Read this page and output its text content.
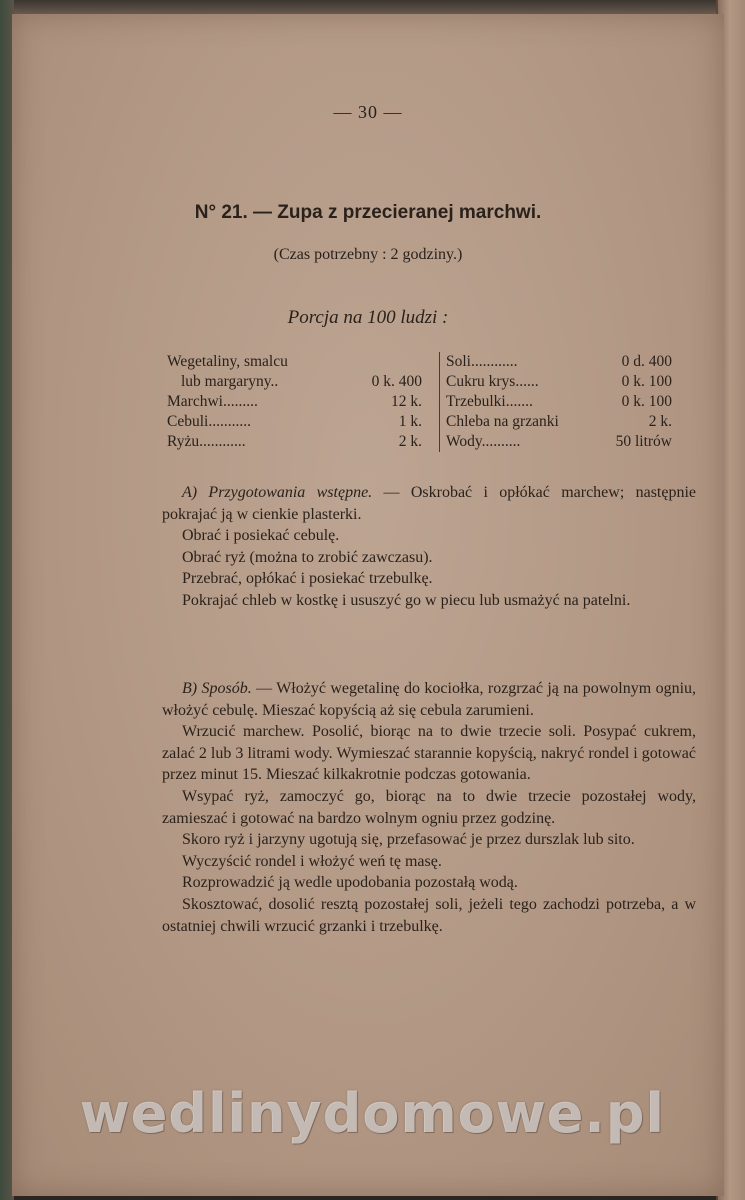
— 30 —
N° 21. — Zupa z przecieranej marchwi.
(Czas potrzebny : 2 godziny.)
Porcja na 100 ludzi :
Wegetaliny, smalcu
lub margaryny..	0 k. 400
Marchwi.........	12 k.
Cebuli...........	1 k.
Ryżu............	2 k.
Soli............	0 d. 400
Cukru krys......	0 k. 100
Trzebulki.......	0 k. 100
Chleba na grzanki	2 k.
Wody..........	50 litrów

A) Przygotowania wstępne. — Oskrobać i opłókać marchew; następnie pokrajać ją w cienkie plasterki.

Obrać i posiekać cebulę.

Obrać ryż (można to zrobić zawczasu).

Przebrać, opłókać i posiekać trzebulkę.

Pokrajać chleb w kostkę i ususzyć go w piecu lub usmażyć na patelni.

B) Sposób. — Włożyć wegetalinę do kociołka, rozgrzać ją na powolnym ogniu, włożyć cebulę. Mieszać kopyścią aż się cebula zarumieni.

Wrzucić marchew. Posolić, biorąc na to dwie trzecie soli. Posypać cukrem, zalać 2 lub 3 litrami wody. Wymieszać starannie kopyścią, nakryć rondel i gotować przez minut 15. Mieszać kilkakrotnie podczas gotowania.

Wsypać ryż, zamoczyć go, biorąc na to dwie trzecie pozostałej wody, zamieszać i gotować na bardzo wolnym ogniu przez godzinę.

Skoro ryż i jarzyny ugotują się, przefasować je przez durszlak lub sito.

Wyczyścić rondel i włożyć weń tę masę.

Rozprowadzić ją wedle upodobania pozostałą wodą.

Skosztować, dosolić resztą pozostałej soli, jeżeli tego zachodzi potrzeba, a w ostatniej chwili wrzucić grzanki i trzebulkę.

wedlinydomowe.pl
